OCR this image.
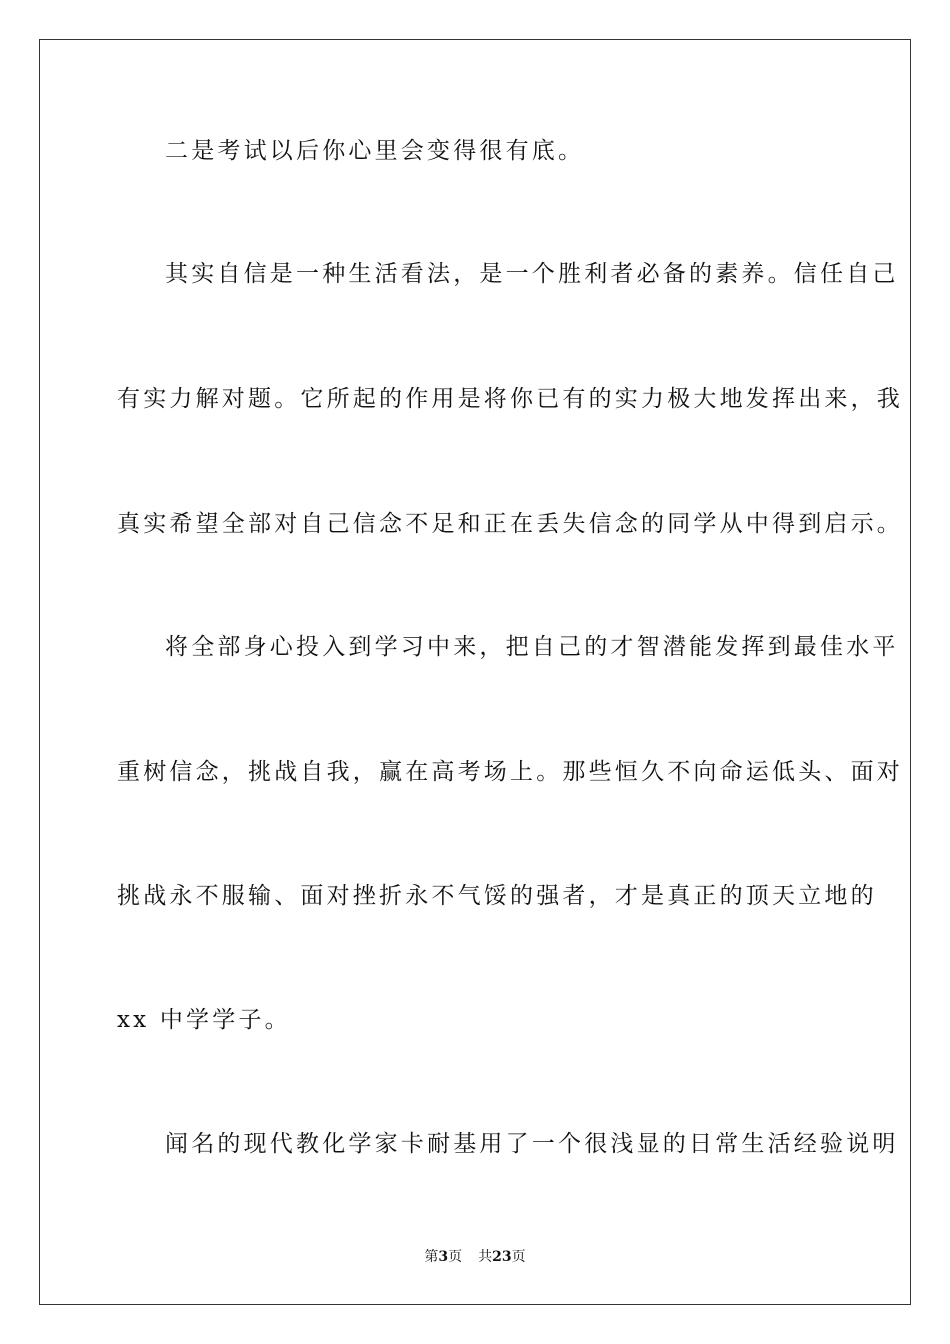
二是考试以后你心里会变得很有底。
其实自信是一种生活看法，是一个胜利者必备的素养。信任自己
有实力解对题。它所起的作用是将你已有的实力极大地发挥出来，我
真实希望全部对自己信念不足和正在丢失信念的同学从中得到启示。
将全部身心投入到学习中来，把自己的才智潜能发挥到最佳水平
重树信念，挑战自我，赢在高考场上。那些恒久不向命运低头、面对
挑战永不服输、面对挫折永不气馁的强者，才是真正的顶天立地的
xx 中学学子。
闻名的现代教化学家卡耐基用了一个很浅显的日常生活经验说明
第3页 共23页
